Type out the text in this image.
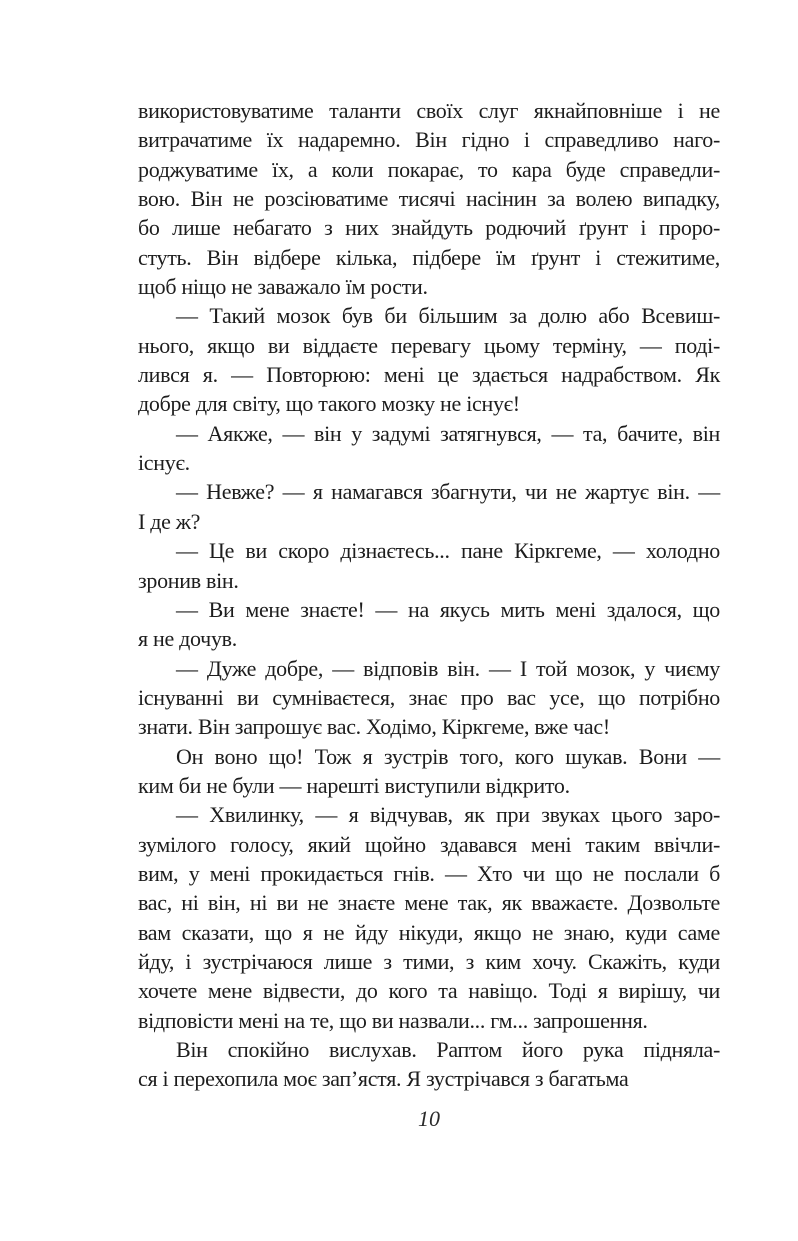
використовуватиме таланти своїх слуг якнайповніше і не
витрачатиме їх надаремно. Він гідно і справедливо наго-
роджуватиме їх, а коли покарає, то кара буде справедли-
вою. Він не розсіюватиме тисячі насінин за волею випадку,
бо лише небагато з них знайдуть родючий ґрунт і проро-
стуть. Він відбере кілька, підбере їм ґрунт і стежитиме,
щоб ніщо не заважало їм рости.
— Такий мозок був би більшим за долю або Всевиш-
нього, якщо ви віддаєте перевагу цьому терміну, — поді-
лився я. — Повторюю: мені це здається надрабством. Як
добре для світу, що такого мозку не існує!
— Аякже, — він у задумі затягнувся, — та, бачите, він
існує.
— Невже? — я намагався збагнути, чи не жартує він. —
І де ж?
— Це ви скоро дізнаєтесь... пане Кіркгеме, — холодно
зронив він.
— Ви мене знаєте! — на якусь мить мені здалося, що
я не дочув.
— Дуже добре, — відповів він. — І той мозок, у чиєму
існуванні ви сумніваєтеся, знає про вас усе, що потрібно
знати. Він запрошує вас. Ходімо, Кіркгеме, вже час!
Он воно що! Тож я зустрів того, кого шукав. Вони —
ким би не були — нарешті виступили відкрито.
— Хвилинку, — я відчував, як при звуках цього заро-
зумілого голосу, який щойно здавався мені таким ввічли-
вим, у мені прокидається гнів. — Хто чи що не послали б
вас, ні він, ні ви не знаєте мене так, як вважаєте. Дозвольте
вам сказати, що я не йду нікуди, якщо не знаю, куди саме
йду, і зустрічаюся лише з тими, з ким хочу. Скажіть, куди
хочете мене відвести, до кого та навіщо. Тоді я вирішу, чи
відповісти мені на те, що ви назвали... гм... запрошення.
Він спокійно вислухав. Раптом його рука підняла-
ся і перехопила моє зап’ястя. Я зустрічався з багатьма
10
